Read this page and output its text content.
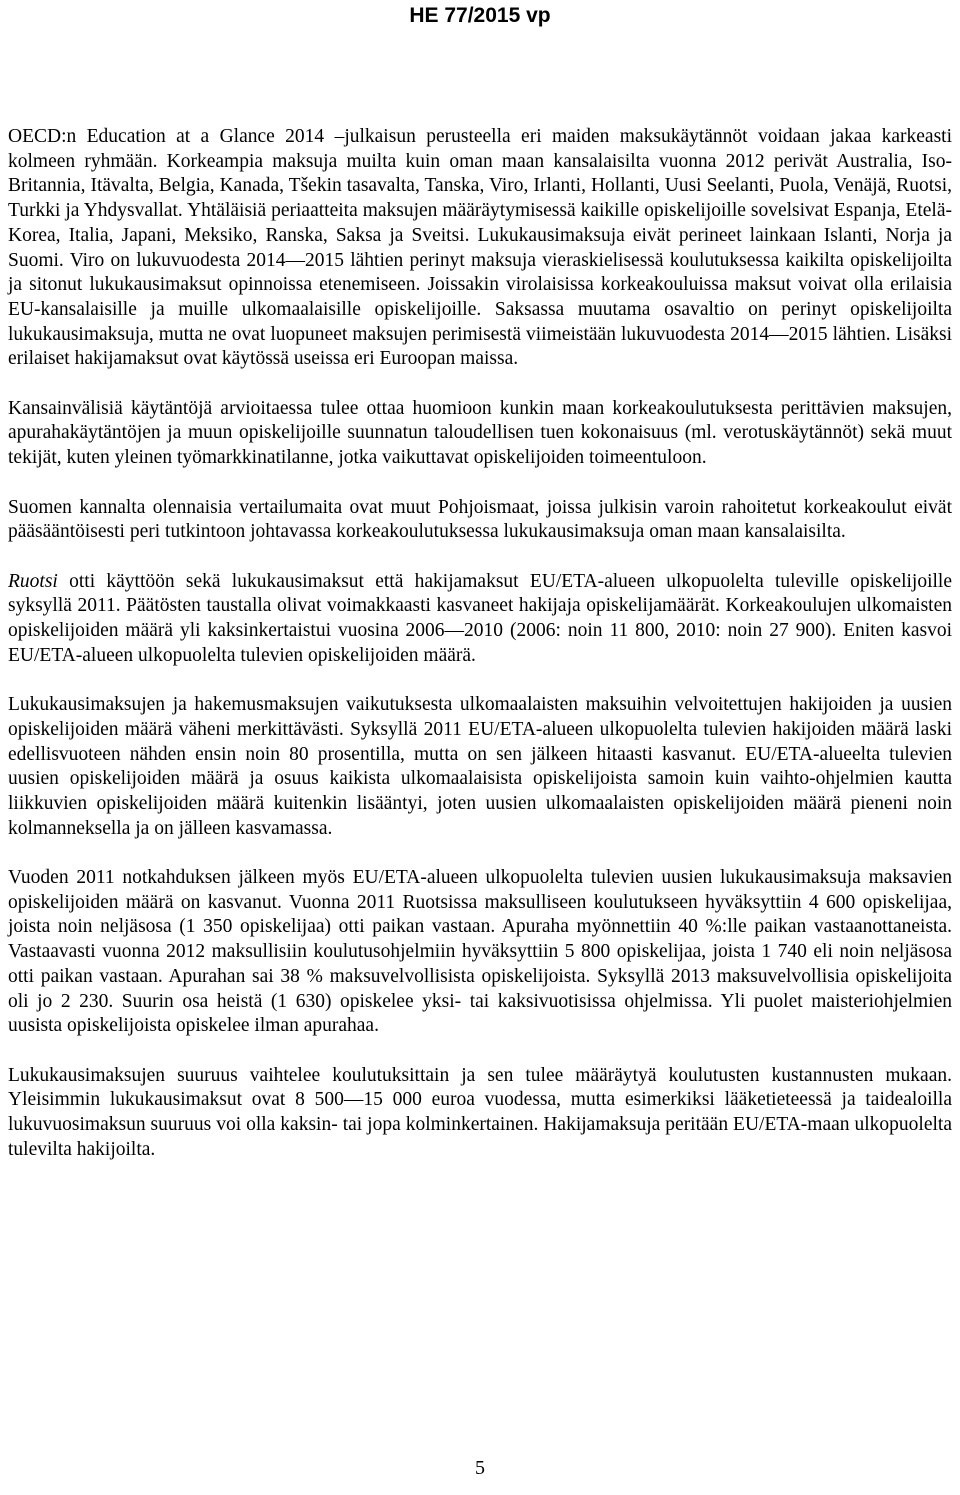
HE 77/2015 vp

OECD:n Education at a Glance 2014 –julkaisun perusteella eri maiden maksukäytännöt voidaan jakaa karkeasti kolmeen ryhmään. Korkeampia maksuja muilta kuin oman maan kansalaisilta vuonna 2012 perivät Australia, Iso-Britannia, Itävalta, Belgia, Kanada, Tšekin tasavalta, Tanska, Viro, Irlanti, Hollanti, Uusi Seelanti, Puola, Venäjä, Ruotsi, Turkki ja Yhdysvallat. Yhtäläisiä periaatteita maksujen määräytymisessä kaikille opiskelijoille sovelsivat Espanja, Etelä-Korea, Italia, Japani, Meksiko, Ranska, Saksa ja Sveitsi. Lukukausimaksuja eivät perineet lainkaan Islanti, Norja ja Suomi. Viro on lukuvuodesta 2014—2015 lähtien perinyt maksuja vieraskielisessä koulutuksessa kaikilta opiskelijoilta ja sitonut lukukausimaksut opinnoissa etenemiseen. Joissakin virolaisissa korkeakouluissa maksut voivat olla erilaisia EU-kansalaisille ja muille ulkomaalaisille opiskelijoille. Saksassa muutama osavaltio on perinyt opiskelijoilta lukukausimaksuja, mutta ne ovat luopuneet maksujen perimisestä viimeistään lukuvuodesta 2014—2015 lähtien. Lisäksi erilaiset hakijamaksut ovat käytössä useissa eri Euroopan maissa.

Kansainvälisiä käytäntöjä arvioitaessa tulee ottaa huomioon kunkin maan korkeakoulutuksesta perittävien maksujen, apurahakäytäntöjen ja muun opiskelijoille suunnatun taloudellisen tuen kokonaisuus (ml. verotuskäytännöt) sekä muut tekijät, kuten yleinen työmarkkinatilanne, jotka vaikuttavat opiskelijoiden toimeentuloon.

Suomen kannalta olennaisia vertailumaita ovat muut Pohjoismaat, joissa julkisin varoin rahoitetut korkeakoulut eivät pääsääntöisesti peri tutkintoon johtavassa korkeakoulutuksessa lukukausimaksuja oman maan kansalaisilta.

Ruotsi otti käyttöön sekä lukukausimaksut että hakijamaksut EU/ETA-alueen ulkopuolelta tuleville opiskelijoille syksyllä 2011. Päätösten taustalla olivat voimakkaasti kasvaneet hakijaja opiskelijamäärät. Korkeakoulujen ulkomaisten opiskelijoiden määrä yli kaksinkertaistui vuosina 2006—2010 (2006: noin 11 800, 2010: noin 27 900). Eniten kasvoi EU/ETA-alueen ulkopuolelta tulevien opiskelijoiden määrä.

Lukukausimaksujen ja hakemusmaksujen vaikutuksesta ulkomaalaisten maksuihin velvoitettujen hakijoiden ja uusien opiskelijoiden määrä väheni merkittävästi. Syksyllä 2011 EU/ETA-alueen ulkopuolelta tulevien hakijoiden määrä laski edellisvuoteen nähden ensin noin 80 prosentilla, mutta on sen jälkeen hitaasti kasvanut. EU/ETA-alueelta tulevien uusien opiskelijoiden määrä ja osuus kaikista ulkomaalaisista opiskelijoista samoin kuin vaihto-ohjelmien kautta liikkuvien opiskelijoiden määrä kuitenkin lisääntyi, joten uusien ulkomaalaisten opiskelijoiden määrä pieneni noin kolmanneksella ja on jälleen kasvamassa.

Vuoden 2011 notkahduksen jälkeen myös EU/ETA-alueen ulkopuolelta tulevien uusien lukukausimaksuja maksavien opiskelijoiden määrä on kasvanut. Vuonna 2011 Ruotsissa maksulliseen koulutukseen hyväksyttiin 4 600 opiskelijaa, joista noin neljäsosa (1 350 opiskelijaa) otti paikan vastaan. Apuraha myönnettiin 40 %:lle paikan vastaanottaneista. Vastaavasti vuonna 2012 maksullisiin koulutusohjelmiin hyväksyttiin 5 800 opiskelijaa, joista 1 740 eli noin neljäsosa otti paikan vastaan. Apurahan sai 38 % maksuvelvollisista opiskelijoista. Syksyllä 2013 maksuvelvollisia opiskelijoita oli jo 2 230. Suurin osa heistä (1 630) opiskelee yksi- tai kaksivuotisissa ohjelmissa. Yli puolet maisteriohjelmien uusista opiskelijoista opiskelee ilman apurahaa.

Lukukausimaksujen suuruus vaihtelee koulutuksittain ja sen tulee määräytyä koulutusten kustannusten mukaan. Yleisimmin lukukausimaksut ovat 8 500—15 000 euroa vuodessa, mutta esimerkiksi lääketieteessä ja taidealoilla lukuvuosimaksun suuruus voi olla kaksin- tai jopa kolminkertainen. Hakijamaksuja peritään EU/ETA-maan ulkopuolelta tulevilta hakijoilta.

5
